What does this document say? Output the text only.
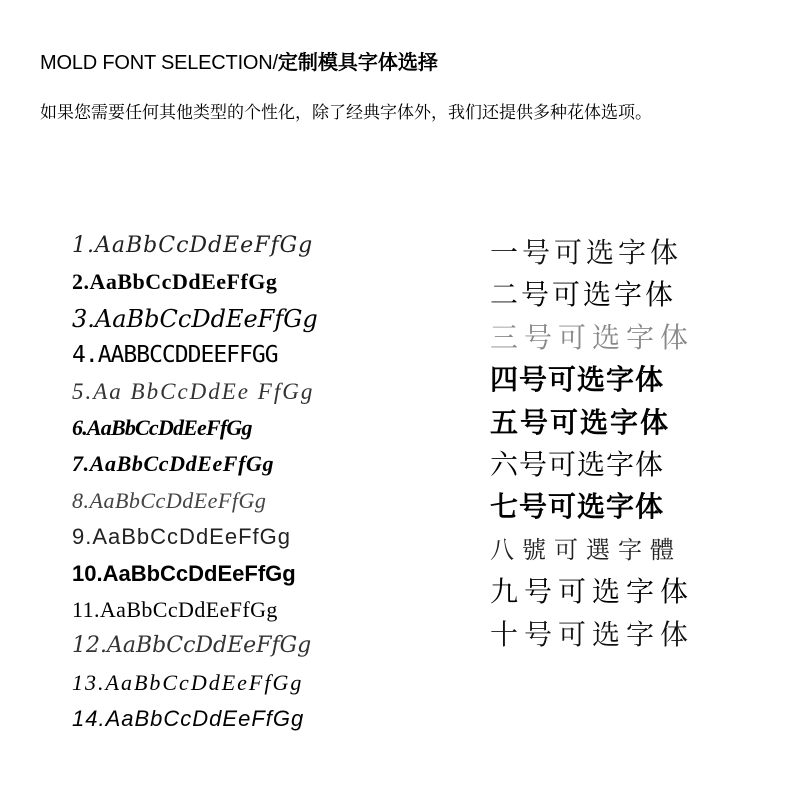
MOLD FONT SELECTION/定制模具字体选择
如果您需要任何其他类型的个性化，除了经典字体外，我们还提供多种花体选项。
1.AaBbCcDdEeFfGg
2.AaBbCcDdEeFfGg
3.AaBbCcDdEeFfGg
4.AABBCCDDEEFFGG
5.Aa BbCcDdEe FfGg
6.AaBbCcDdEeFfGg
7.AaBbCcDdEeFfGg
8.AaBbCcDdEeFfGg
9.AaBbCcDdEeFfGg
10.AaBbCcDdEeFfGg
11.AaBbCcDdEeFfGg
12.AaBbCcDdEeFfGg
13.AaBbCcDdEeFfGg
14.AaBbCcDdEeFfGg
一号可选字体
二号可选字体
三号可选字体
四号可选字体
五号可选字体
六号可选字体
七号可选字体
八號可選字體
九号可选字体
十号可选字体
